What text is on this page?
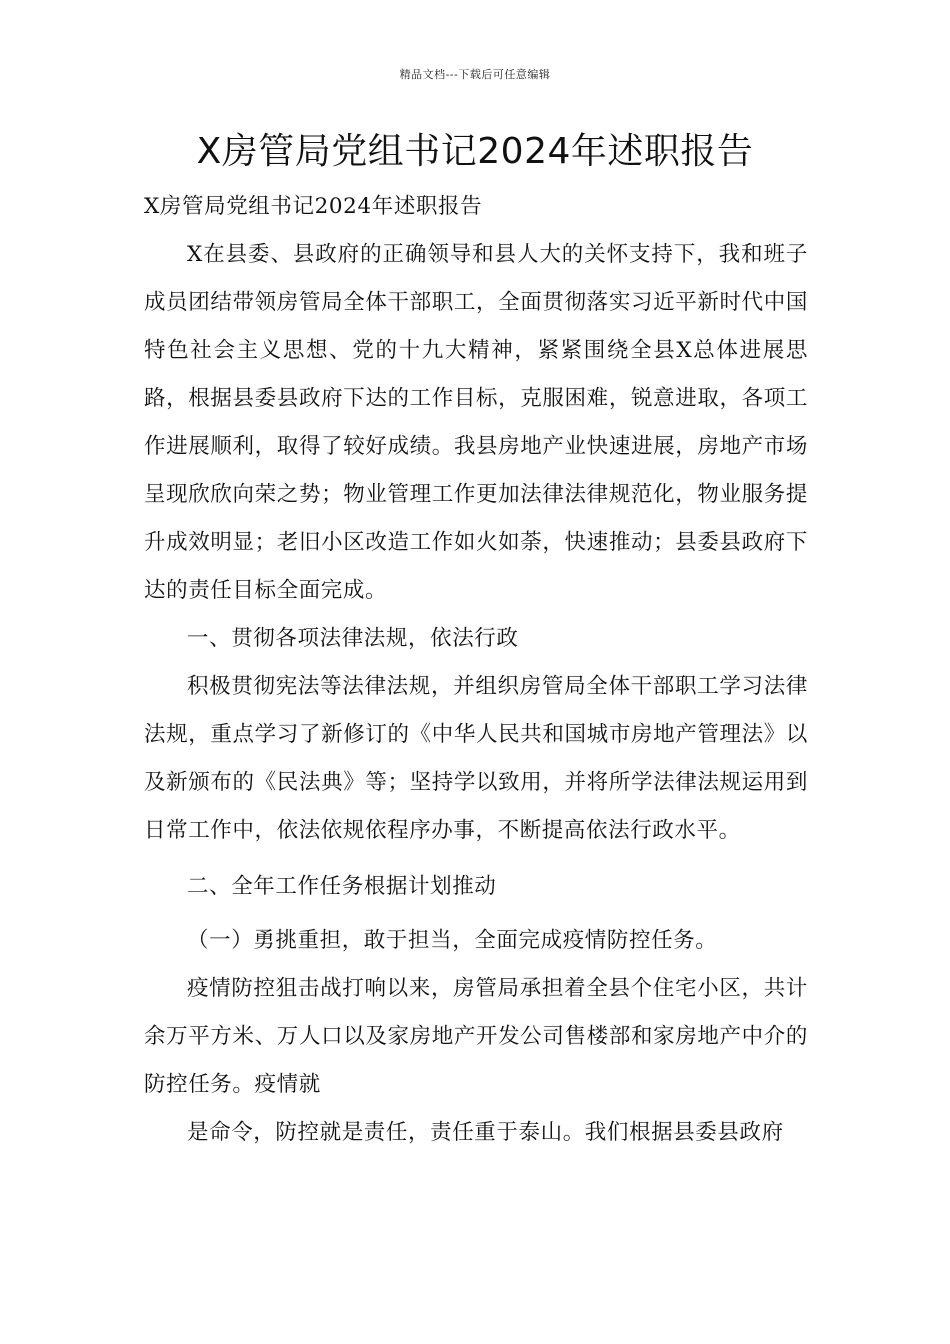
精品文档---下载后可任意编辑
X房管局党组书记2024年述职报告

X房管局党组书记2024年述职报告

X在县委、县政府的正确领导和县人大的关怀支持下，我和班子成员团结带领房管局全体干部职工，全面贯彻落实习近平新时代中国特色社会主义思想、党的十九大精神，紧紧围绕全县X总体进展思路，根据县委县政府下达的工作目标，克服困难，锐意进取，各项工作进展顺利，取得了较好成绩。我县房地产业快速进展，房地产市场呈现欣欣向荣之势；物业管理工作更加法律法律规范化，物业服务提升成效明显；老旧小区改造工作如火如荼，快速推动；县委县政府下达的责任目标全面完成。

一、贯彻各项法律法规，依法行政

积极贯彻宪法等法律法规，并组织房管局全体干部职工学习法律法规，重点学习了新修订的《中华人民共和国城市房地产管理法》以及新颁布的《民法典》等；坚持学以致用，并将所学法律法规运用到日常工作中，依法依规依程序办事，不断提高依法行政水平。

二、全年工作任务根据计划推动

（一）勇挑重担，敢于担当，全面完成疫情防控任务。

疫情防控狙击战打响以来，房管局承担着全县个住宅小区，共计余万平方米、万人口以及家房地产开发公司售楼部和家房地产中介的防控任务。疫情就

是命令，防控就是责任，责任重于泰山。我们根据县委县政府
